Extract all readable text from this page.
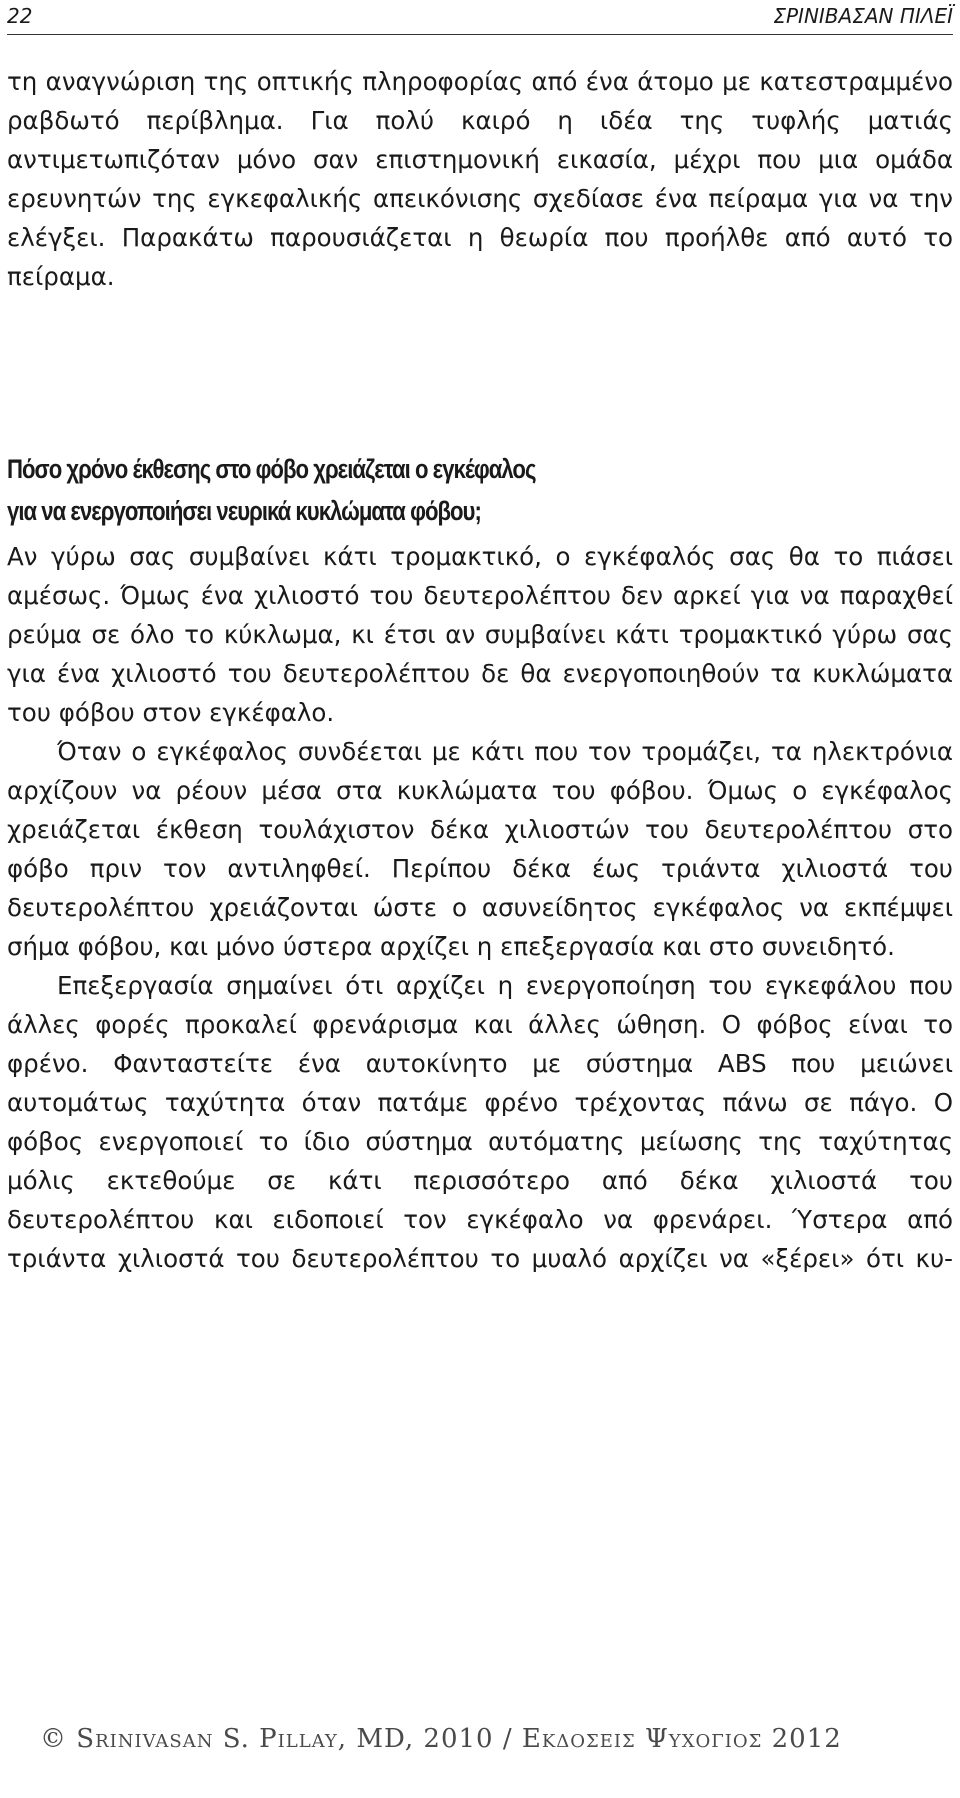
22	ΣΡΙΝΙΒΑΣΑΝ ΠΙΛΕΪ

τη αναγνώριση της οπτικής πληροφορίας από ένα άτομο με κατεστραμμένο ραβδωτό περίβλημα. Για πολύ καιρό η ιδέα της τυφλής ματιάς αντιμετωπιζόταν μόνο σαν επιστημονική εικασία, μέχρι που μια ομάδα ερευνητών της εγκεφαλικής απεικόνισης σχεδίασε ένα πείραμα για να την ελέγξει. Παρακάτω παρουσιάζεται η θεωρία που προήλθε από αυτό το πείραμα.

Πόσο χρόνο έκθεσης στο φόβο χρειάζεται ο εγκέφαλος
για να ενεργοποιήσει νευρικά κυκλώματα φόβου;

Αν γύρω σας συμβαίνει κάτι τρομακτικό, ο εγκέφαλός σας θα το πιάσει αμέσως. Όμως ένα χιλιοστό του δευτερολέπτου δεν αρκεί για να παραχθεί ρεύμα σε όλο το κύκλωμα, κι έτσι αν συμβαίνει κάτι τρομακτικό γύρω σας για ένα χιλιοστό του δευτερολέπτου δε θα ενεργοποιηθούν τα κυκλώματα του φόβου στον εγκέφαλο.

Όταν ο εγκέφαλος συνδέεται με κάτι που τον τρομάζει, τα ηλεκτρόνια αρχίζουν να ρέουν μέσα στα κυκλώματα του φόβου. Όμως ο εγκέφαλος χρειάζεται έκθεση τουλάχιστον δέκα χιλιοστών του δευτερολέπτου στο φόβο πριν τον αντιληφθεί. Περίπου δέκα έως τριάντα χιλιοστά του δευτερολέπτου χρειάζονται ώστε ο ασυνείδητος εγκέφαλος να εκπέμψει σήμα φόβου, και μόνο ύστερα αρχίζει η επεξεργασία και στο συνειδητό.

Επεξεργασία σημαίνει ότι αρχίζει η ενεργοποίηση του εγκεφάλου που άλλες φορές προκαλεί φρενάρισμα και άλλες ώθηση. Ο φόβος είναι το φρένο. Φανταστείτε ένα αυτοκίνητο με σύστημα ABS που μειώνει αυτομάτως ταχύτητα όταν πατάμε φρένο τρέχοντας πάνω σε πάγο. Ο φόβος ενεργοποιεί το ίδιο σύστημα αυτόματης μείωσης της ταχύτητας μόλις εκτεθούμε σε κάτι περισσότερο από δέκα χιλιοστά του δευτερολέπτου και ειδοποιεί τον εγκέφαλο να φρενάρει. Ύστερα από τριάντα χιλιοστά του δευτερολέπτου το μυαλό αρχίζει να «ξέρει» ότι κυ-

© Srinivasan S. Pillay, MD, 2010 / Εκδοσεις Ψυχογιος 2012
